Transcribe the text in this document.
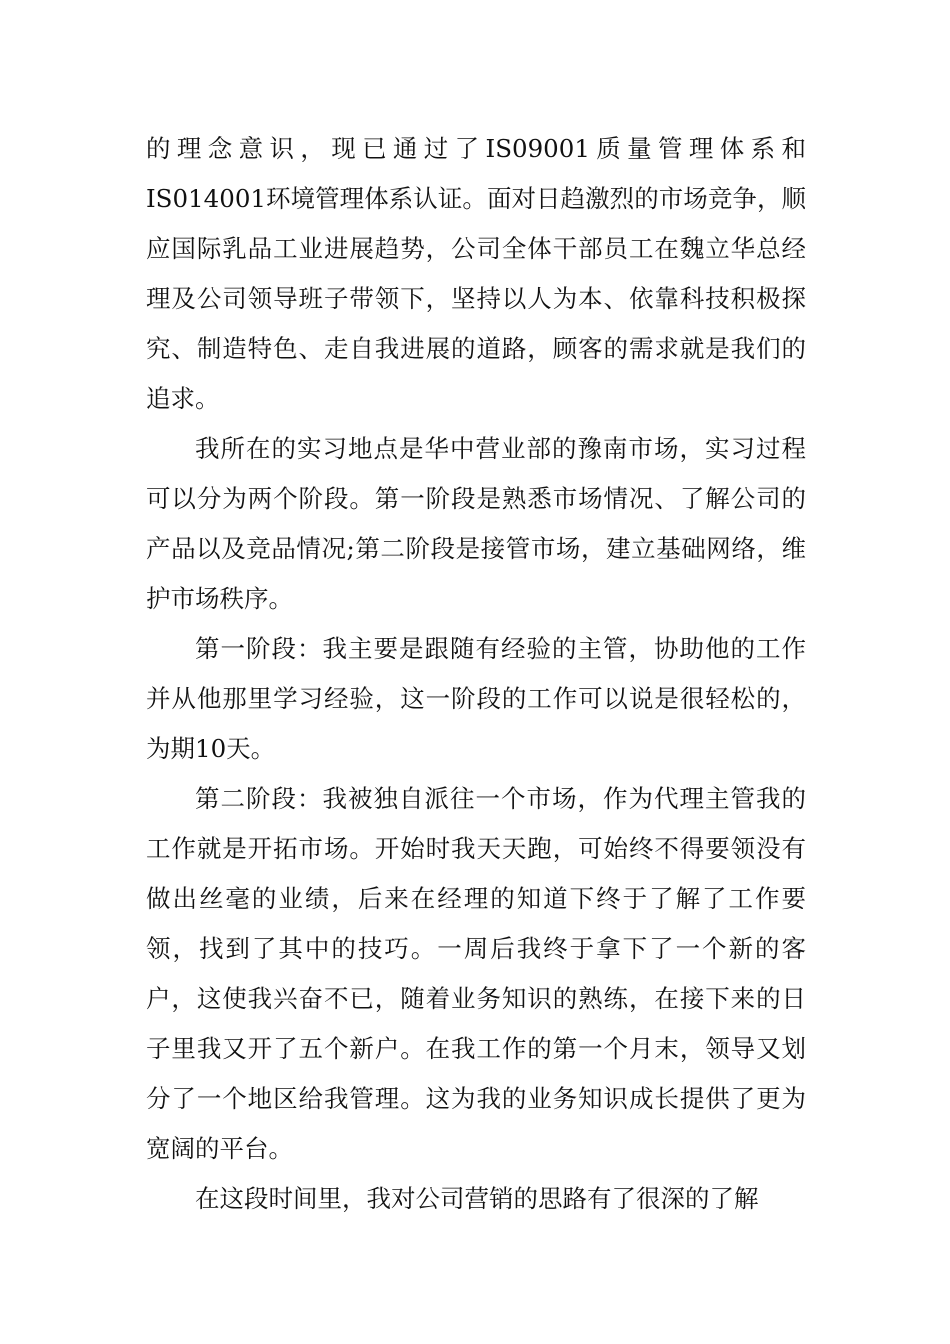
的理念意识，现已通过了IS09001质量管理体系和IS014001环境管理体系认证。面对日趋激烈的市场竞争，顺应国际乳品工业进展趋势，公司全体干部员工在魏立华总经理及公司领导班子带领下，坚持以人为本、依靠科技积极探究、制造特色、走自我进展的道路，顾客的需求就是我们的追求。

我所在的实习地点是华中营业部的豫南市场，实习过程可以分为两个阶段。第一阶段是熟悉市场情况、了解公司的产品以及竞品情况;第二阶段是接管市场，建立基础网络，维护市场秩序。

第一阶段：我主要是跟随有经验的主管，协助他的工作并从他那里学习经验，这一阶段的工作可以说是很轻松的，为期10天。

第二阶段：我被独自派往一个市场，作为代理主管我的工作就是开拓市场。开始时我天天跑，可始终不得要领没有做出丝毫的业绩，后来在经理的知道下终于了解了工作要领，找到了其中的技巧。一周后我终于拿下了一个新的客户，这使我兴奋不已，随着业务知识的熟练，在接下来的日子里我又开了五个新户。在我工作的第一个月末，领导又划分了一个地区给我管理。这为我的业务知识成长提供了更为宽阔的平台。

在这段时间里，我对公司营销的思路有了很深的了解
